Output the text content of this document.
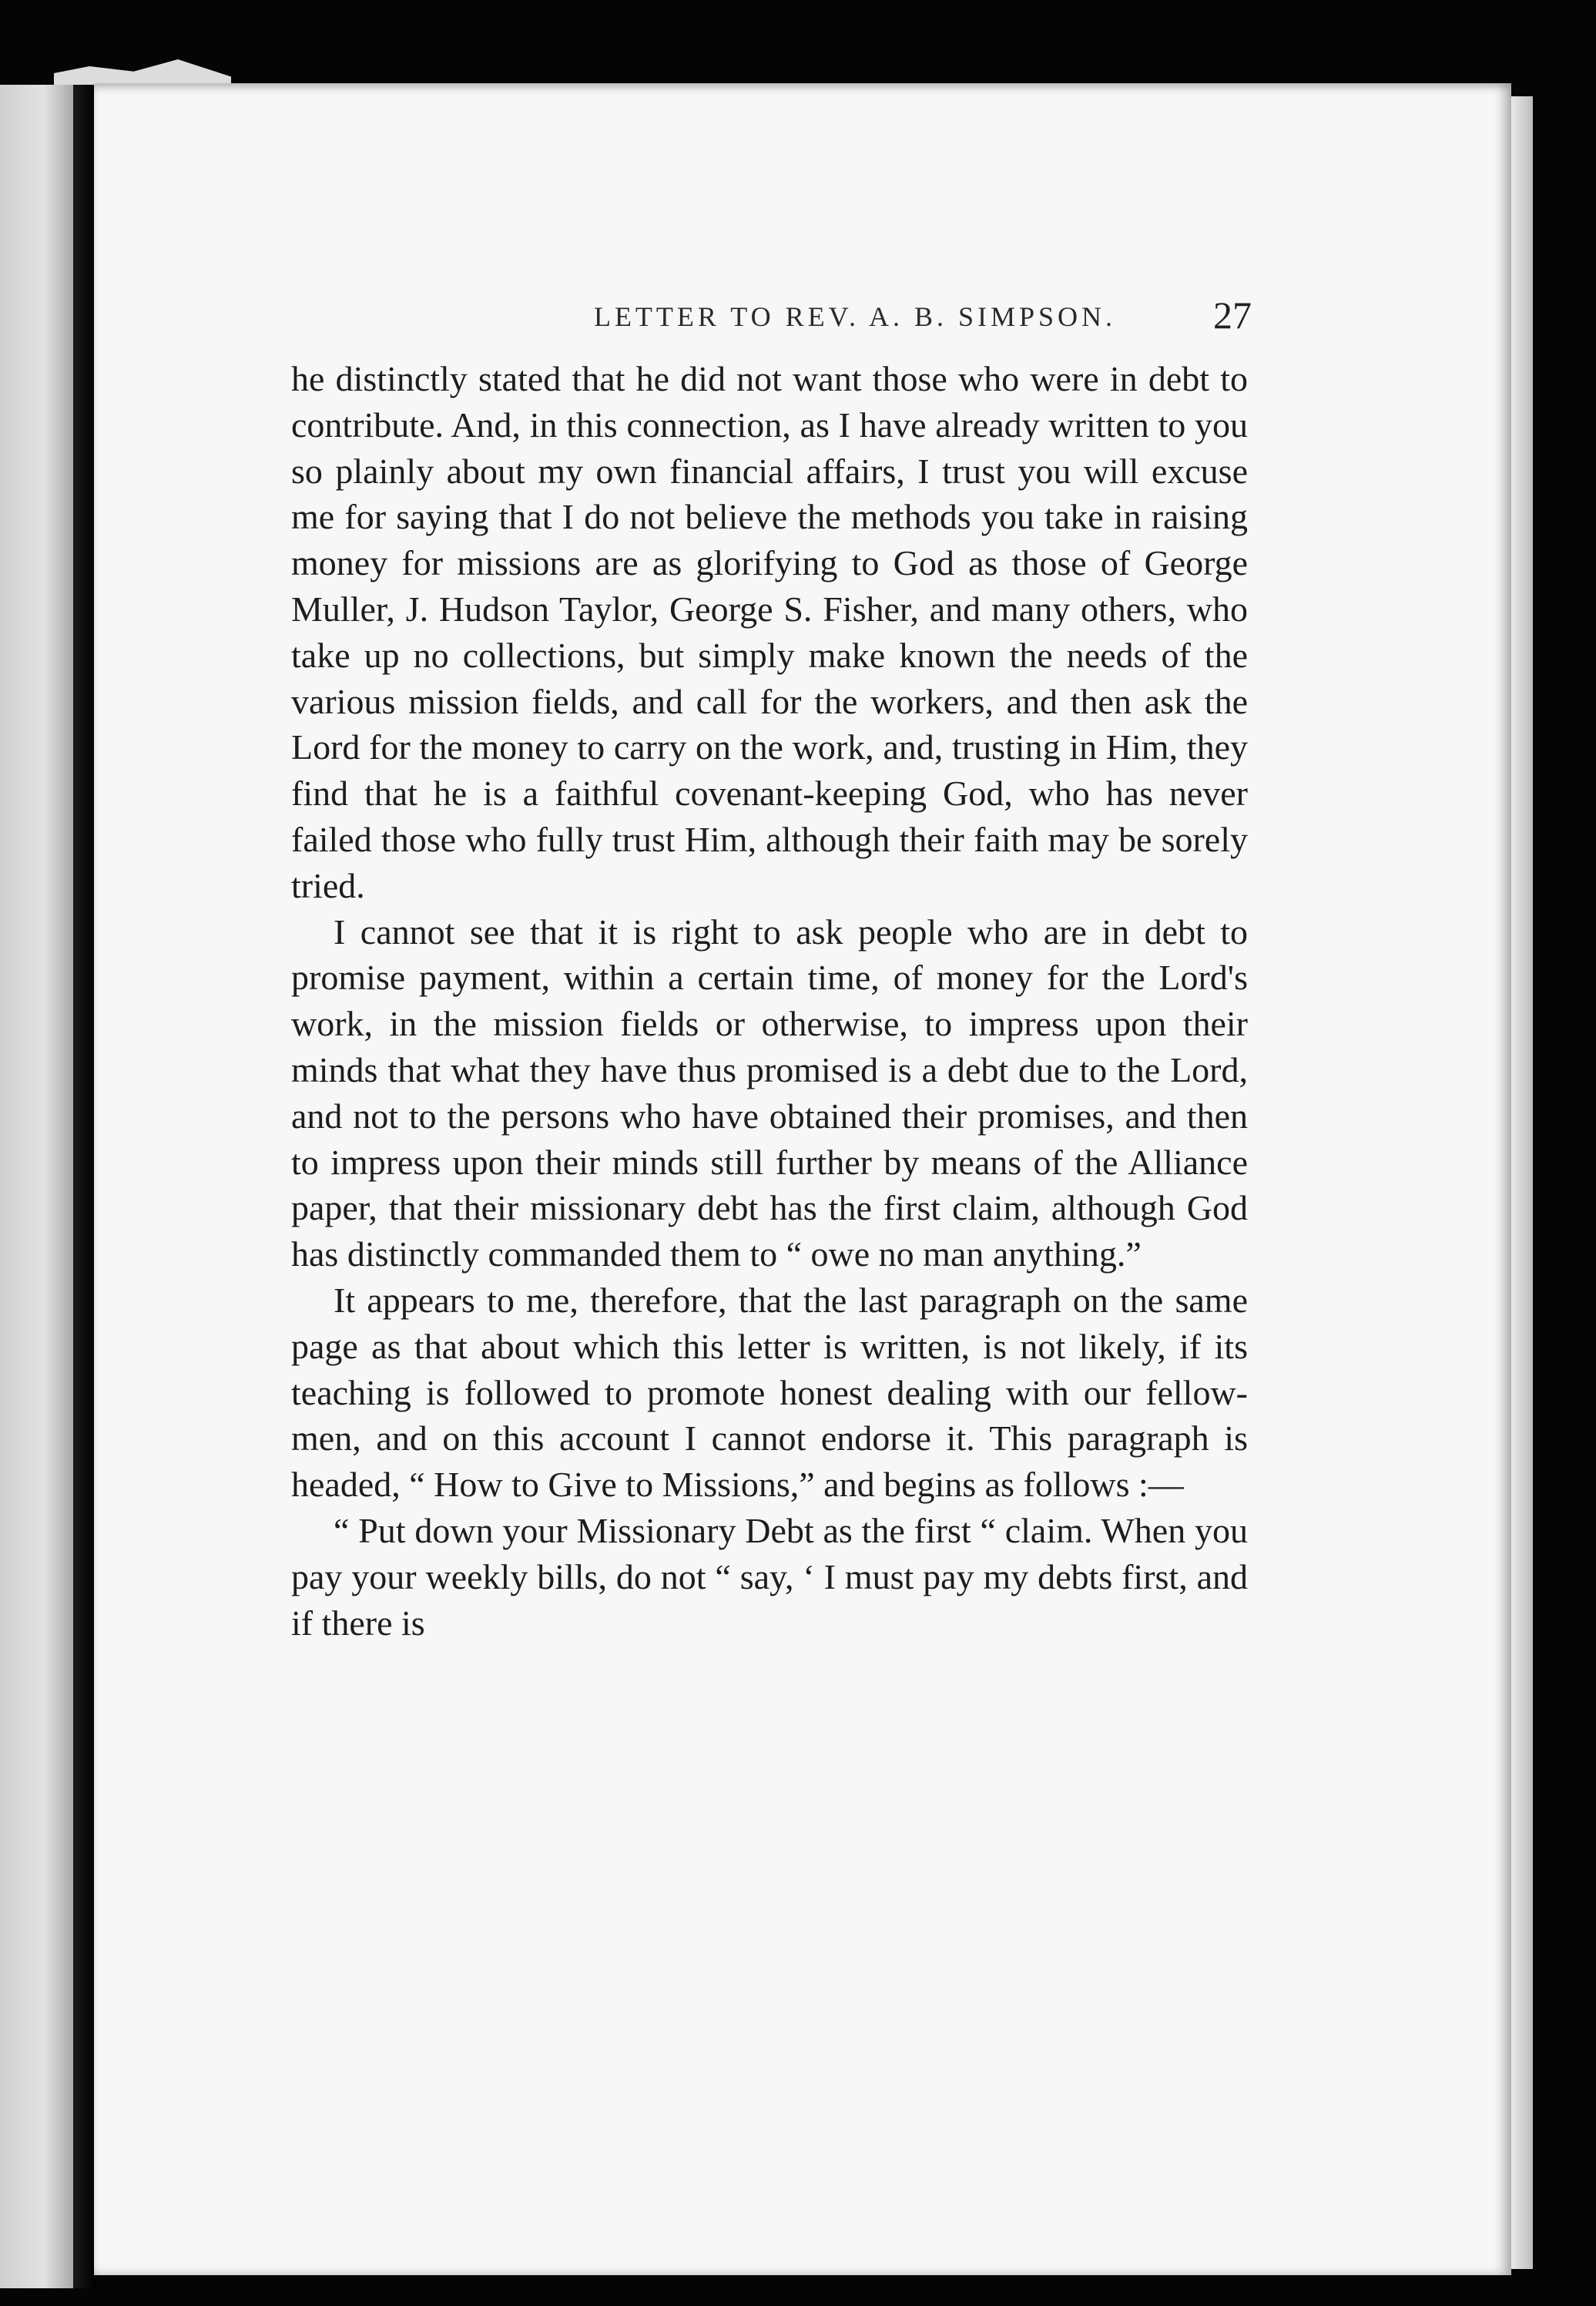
LETTER TO REV. A. B. SIMPSON.	27

he distinctly stated that he did not want those who were in debt to contribute. And, in this connection, as I have already written to you so plainly about my own financial affairs, I trust you will excuse me for saying that I do not believe the methods you take in raising money for missions are as glorifying to God as those of George Muller, J. Hudson Taylor, George S. Fisher, and many others, who take up no collections, but simply make known the needs of the various mission fields, and call for the workers, and then ask the Lord for the money to carry on the work, and, trusting in Him, they find that he is a faithful covenant-keeping God, who has never failed those who fully trust Him, although their faith may be sorely tried.

I cannot see that it is right to ask people who are in debt to promise payment, within a certain time, of money for the Lord's work, in the mission fields or otherwise, to impress upon their minds that what they have thus promised is a debt due to the Lord, and not to the persons who have obtained their promises, and then to impress upon their minds still further by means of the Alliance paper, that their missionary debt has the first claim, although God has distinctly commanded them to “ owe no man anything.”

It appears to me, therefore, that the last paragraph on the same page as that about which this letter is written, is not likely, if its teaching is followed to promote honest dealing with our fellow-men, and on this account I cannot endorse it. This paragraph is headed, “ How to Give to Missions,” and begins as follows :—

“ Put down your Missionary Debt as the first “ claim. When you pay your weekly bills, do not “ say, ‘ I must pay my debts first, and if there is
